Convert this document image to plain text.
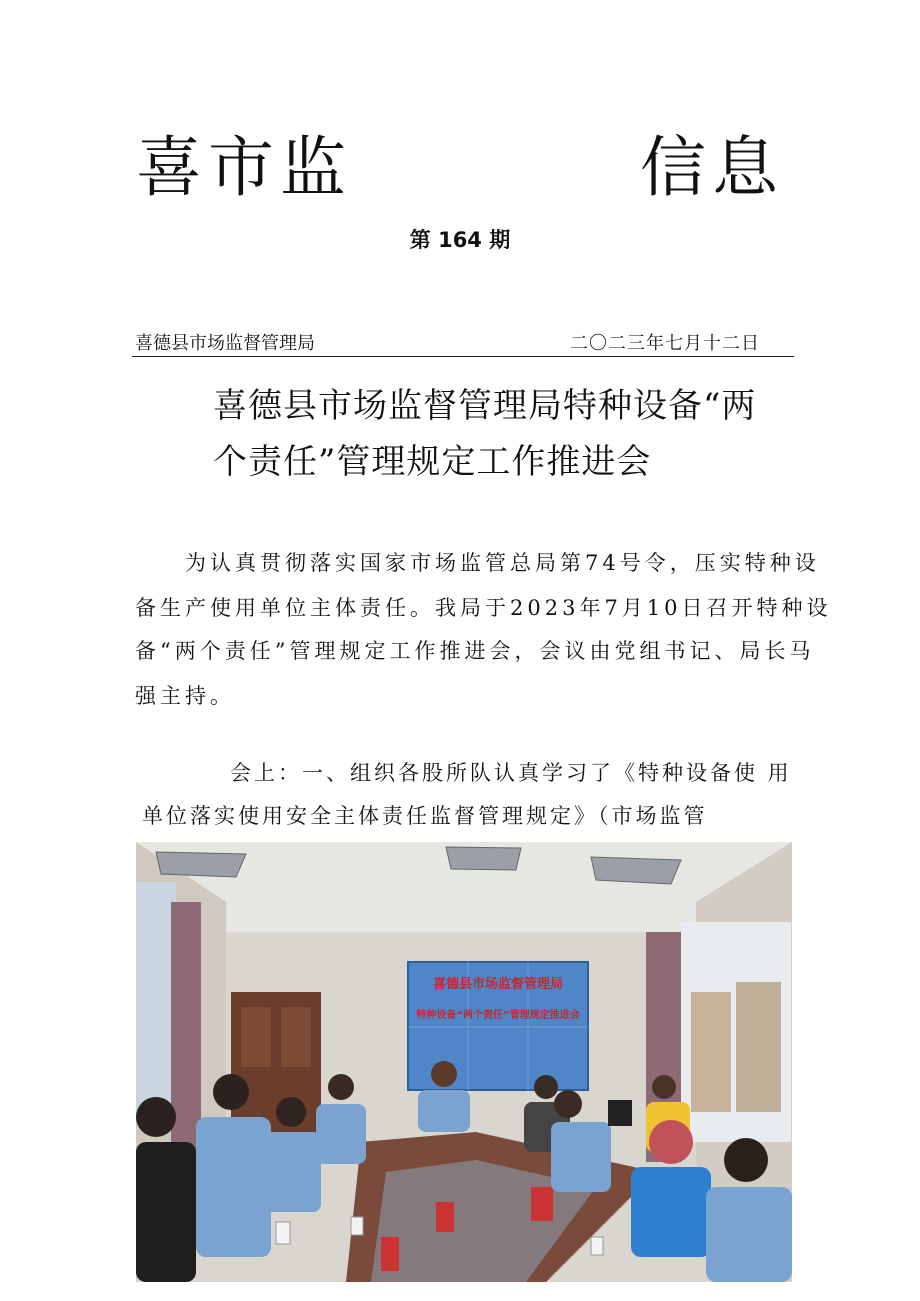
喜市监	信息
第 164 期
喜德县市场监督管理局	二〇二三年七月十二日
喜德县市场监督管理局特种设备“两
个责任”管理规定工作推进会
为认真贯彻落实国家市场监管总局第74号令，压实特种设
备生产使用单位主体责任。我局于2023年7月10日召开特种设
备“两个责任”管理规定工作推进会，会议由党组书记、局长马
强主持。
会上：一、组织各股所队认真学习了《特种设备使 用
单位落实使用安全主体责任监督管理规定》（市场监管
喜德县市场监督管理局
特种设备“两个责任”管理规定推进会
